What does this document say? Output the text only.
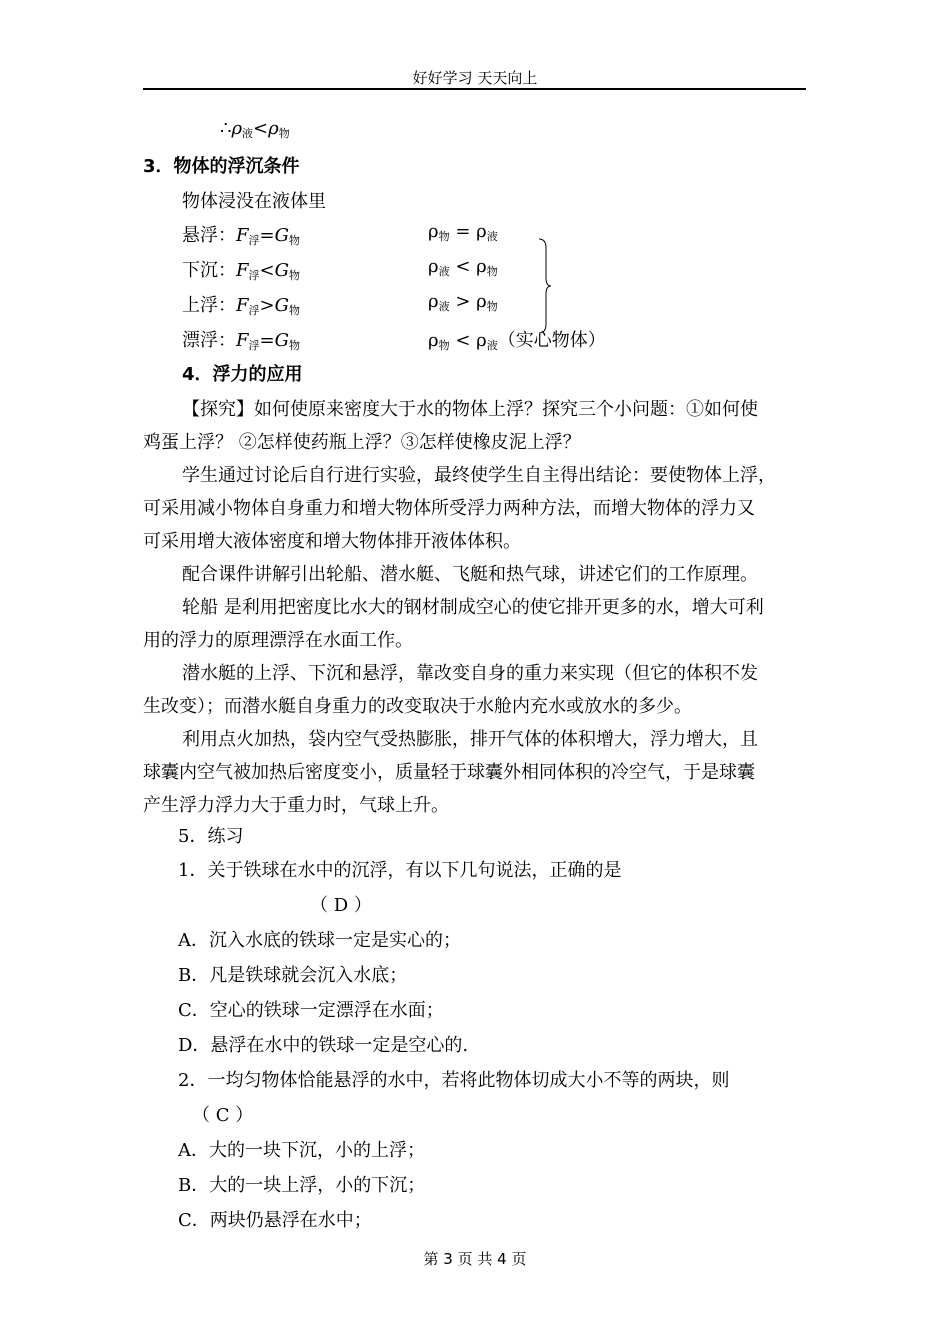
好好学习 天天向上
$\therefore\rho_液<\rho_物$
3．物体的浮沉条件
物体浸没在液体里
悬浮：$F_浮=G_物$	$\rho_物 = \rho_液$
下沉：$F_浮<G_物$	$\rho_液 < \rho_物$
上浮：$F_浮>G_物$	$\rho_液 > \rho_物$
漂浮：$F_浮=G_物$	$\rho_物 < \rho_液$（实心物体）
4．浮力的应用
【探究】如何使原来密度大于水的物体上浮？探究三个小问题：①如何使
鸡蛋上浮？ ②怎样使药瓶上浮？③怎样使橡皮泥上浮？
学生通过讨论后自行进行实验，最终使学生自主得出结论：要使物体上浮，
可采用减小物体自身重力和增大物体所受浮力两种方法，而增大物体的浮力又
可采用增大液体密度和增大物体排开液体体积。
配合课件讲解引出轮船、潜水艇、飞艇和热气球，讲述它们的工作原理。
轮船 是利用把密度比水大的钢材制成空心的使它排开更多的水，增大可利
用的浮力的原理漂浮在水面工作。
潜水艇的上浮、下沉和悬浮，靠改变自身的重力来实现（但它的体积不发
生改变）；而潜水艇自身重力的改变取决于水舱内充水或放水的多少。
利用点火加热，袋内空气受热膨胀，排开气体的体积增大，浮力增大，且
球囊内空气被加热后密度变小，质量轻于球囊外相同体积的冷空气，于是球囊
产生浮力浮力大于重力时，气球上升。
5．练习
1．关于铁球在水中的沉浮，有以下几句说法，正确的是
（ D ）
A．沉入水底的铁球一定是实心的；
B．凡是铁球就会沉入水底；
C．空心的铁球一定漂浮在水面；
D．悬浮在水中的铁球一定是空心的.
2．一均匀物体恰能悬浮的水中，若将此物体切成大小不等的两块，则
（ C ）
A．大的一块下沉，小的上浮；
B．大的一块上浮，小的下沉；
C．两块仍悬浮在水中；
第 3 页 共 4 页
